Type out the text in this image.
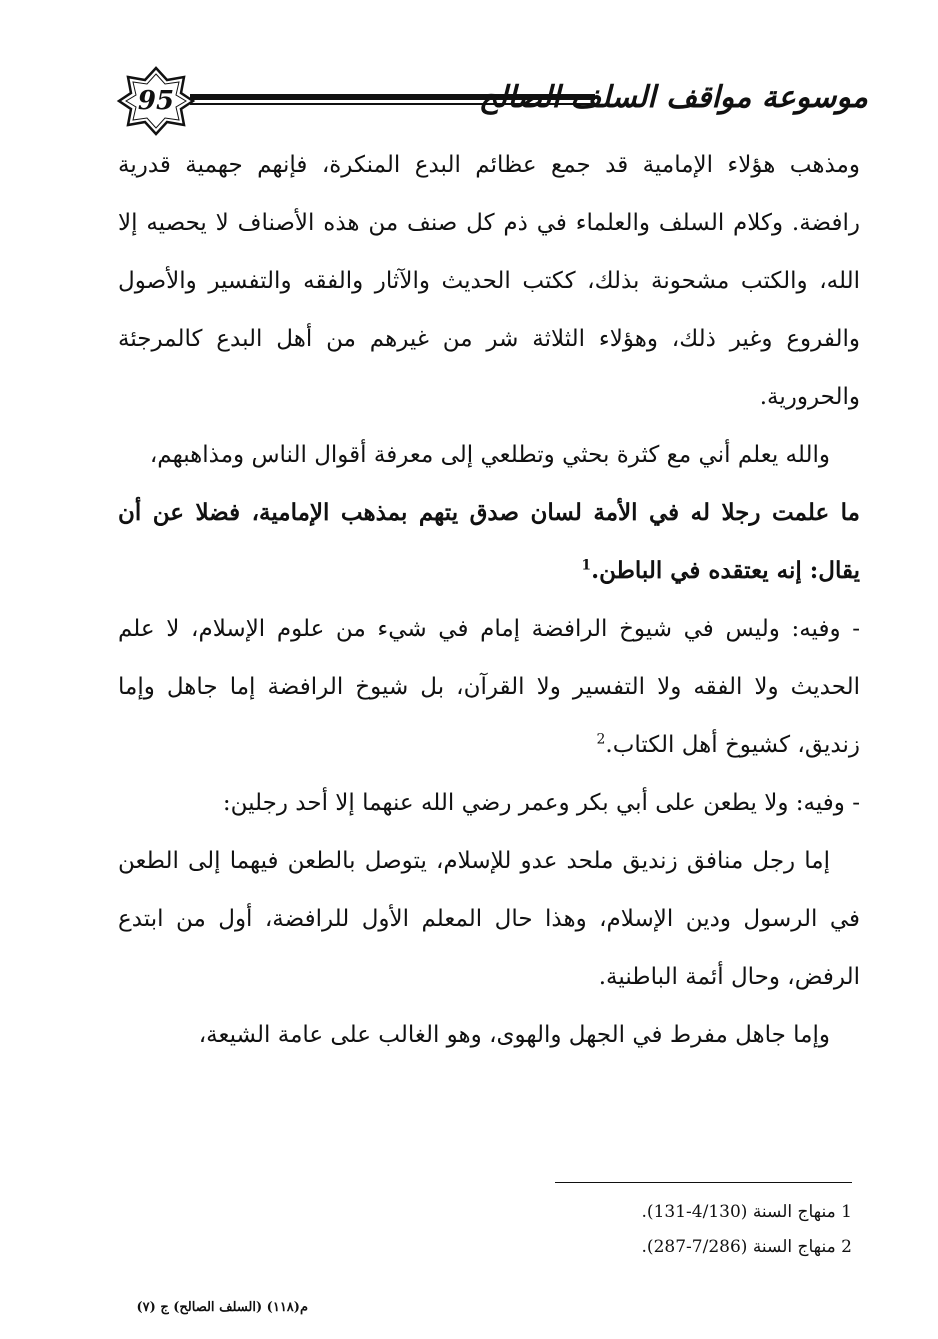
95	موسوعة مواقف السلف الصالح

ومذهب هؤلاء الإمامية قد جمع عظائم البدع المنكرة، فإنهم جهمية قدرية رافضة. وكلام السلف والعلماء في ذم كل صنف من هذه الأصناف لا يحصيه إلا الله، والكتب مشحونة بذلك، ككتب الحديث والآثار والفقه والتفسير والأصول والفروع وغير ذلك، وهؤلاء الثلاثة شر من غيرهم من أهل البدع كالمرجئة والحرورية.

والله يعلم أني مع كثرة بحثي وتطلعي إلى معرفة أقوال الناس ومذاهبهم،

ما علمت رجلا له في الأمة لسان صدق يتهم بمذهب الإمامية، فضلا عن أن يقال: إنه يعتقده في الباطن.$^1$

- وفيه: وليس في شيوخ الرافضة إمام في شيء من علوم الإسلام، لا علم الحديث ولا الفقه ولا التفسير ولا القرآن، بل شيوخ الرافضة إما جاهل وإما زنديق، كشيوخ أهل الكتاب.$^2$

- وفيه: ولا يطعن على أبي بكر وعمر رضي الله عنهما إلا أحد رجلين:

إما رجل منافق زنديق ملحد عدو للإسلام، يتوصل بالطعن فيهما إلى الطعن في الرسول ودين الإسلام، وهذا حال المعلم الأول للرافضة، أول من ابتدع الرفض، وحال أئمة الباطنية.

وإما جاهل مفرط في الجهل والهوى، وهو الغالب على عامة الشيعة،

1 منهاج السنة (4/130-131).

2 منهاج السنة (7/286-287).

م(١١٨) (السلف الصالح) ج (٧)
